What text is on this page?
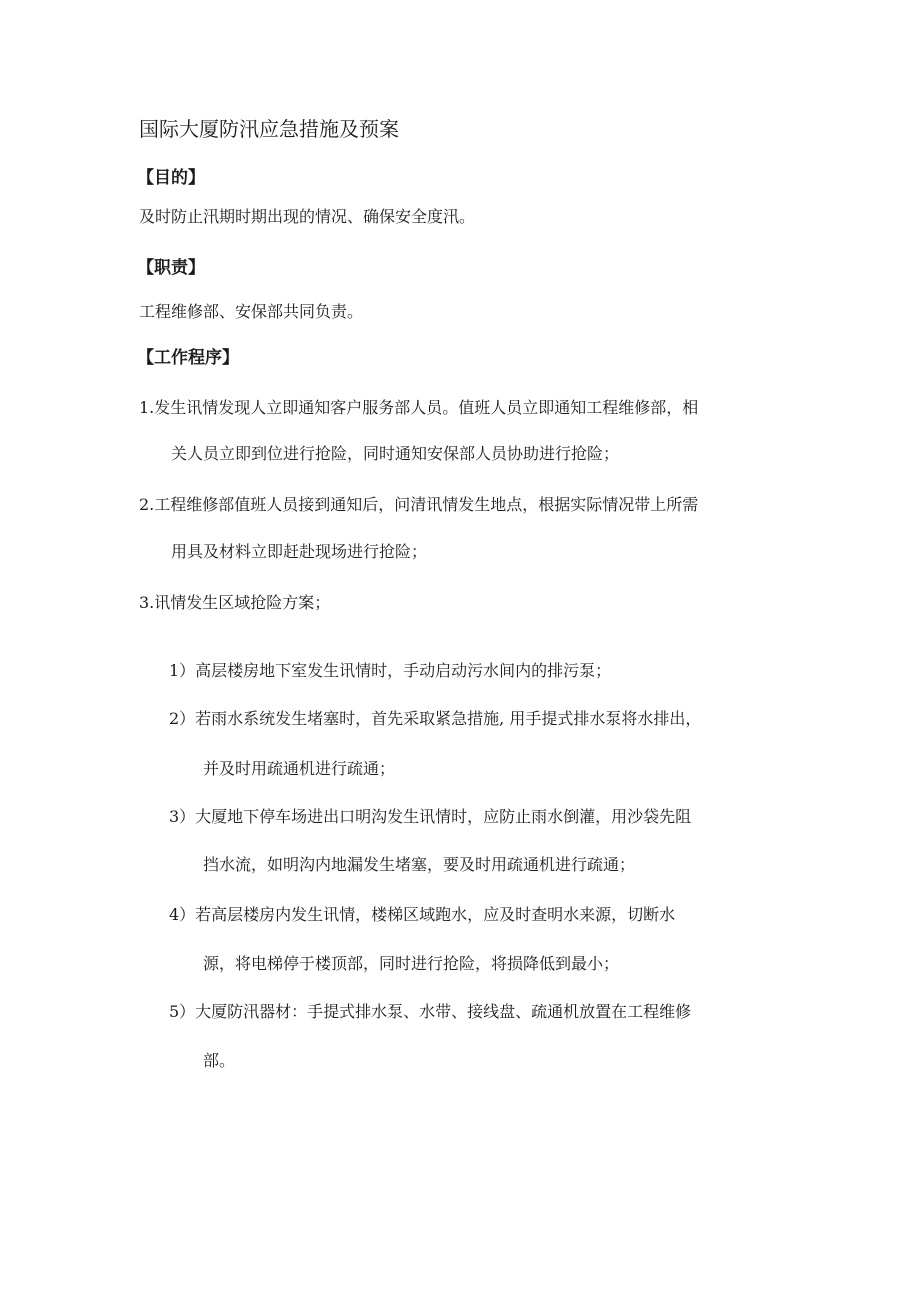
国际大厦防汛应急措施及预案
【目的】
及时防止汛期时期出现的情况、确保安全度汛。
【职责】
工程维修部、安保部共同负责。
【工作程序】
1.发生讯情发现人立即通知客户服务部人员。值班人员立即通知工程维修部，相
关人员立即到位进行抢险，同时通知安保部人员协助进行抢险；
2.工程维修部值班人员接到通知后，问清讯情发生地点，根据实际情况带上所需
用具及材料立即赶赴现场进行抢险；
3.讯情发生区域抢险方案；
1）高层楼房地下室发生讯情时，手动启动污水间内的排污泵；
2）若雨水系统发生堵塞时，首先采取紧急措施, 用手提式排水泵将水排出，
并及时用疏通机进行疏通；
3）大厦地下停车场进出口明沟发生讯情时，应防止雨水倒灌，用沙袋先阻
挡水流，如明沟内地漏发生堵塞，要及时用疏通机进行疏通；
4）若高层楼房内发生讯情，楼梯区域跑水，应及时查明水来源，切断水
源，将电梯停于楼顶部，同时进行抢险，将损降低到最小；
5）大厦防汛器材：手提式排水泵、水带、接线盘、疏通机放置在工程维修
部。
